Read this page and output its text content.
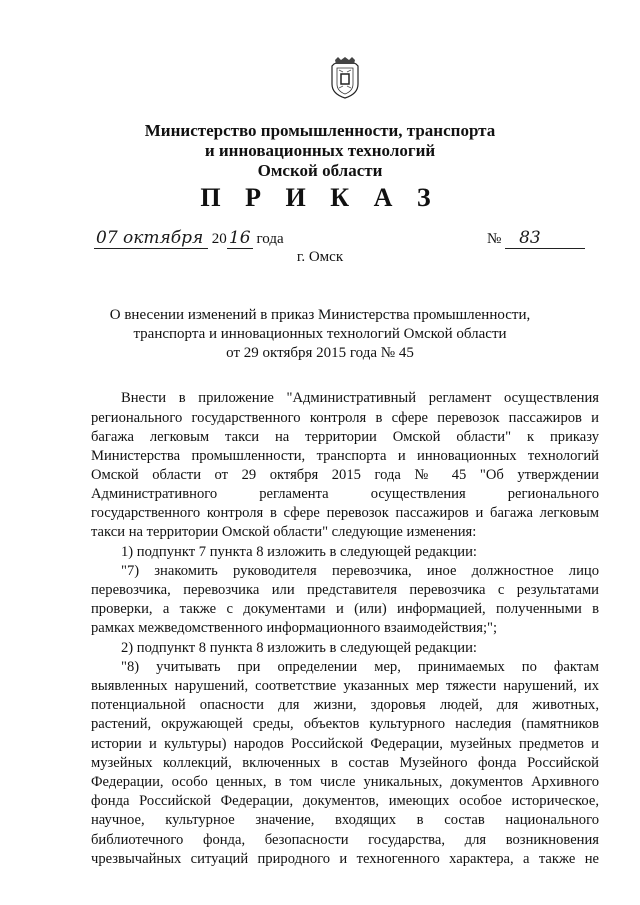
Министерство промышленности, транспорта
и инновационных технологий
Омской области
П Р И К А З
07 октября 20 16 года	№ 83
г. Омск
О внесении изменений в приказ Министерства промышленности,
транспорта и инновационных технологий Омской области
от 29 октября 2015 года № 45
Внести в приложение "Административный регламент осуществления
регионального государственного контроля в сфере перевозок пассажиров и
багажа легковым такси на территории Омской области" к приказу
Министерства промышленности, транспорта и инновационных технологий
Омской области от 29 октября 2015 года № 45 "Об утверждении
Административного регламента осуществления регионального
государственного контроля в сфере перевозок пассажиров и багажа легковым
такси на территории Омской области" следующие изменения:
1) подпункт 7 пункта 8 изложить в следующей редакции:
"7) знакомить руководителя перевозчика, иное должностное лицо
перевозчика, перевозчика или представителя перевозчика с результатами
проверки, а также с документами и (или) информацией, полученными в
рамках межведомственного информационного взаимодействия;";
2) подпункт 8 пункта 8 изложить в следующей редакции:
"8) учитывать при определении мер, принимаемых по фактам
выявленных нарушений, соответствие указанных мер тяжести нарушений, их
потенциальной опасности для жизни, здоровья людей, для животных,
растений, окружающей среды, объектов культурного наследия (памятников
истории и культуры) народов Российской Федерации, музейных предметов и
музейных коллекций, включенных в состав Музейного фонда Российской
Федерации, особо ценных, в том числе уникальных, документов Архивного
фонда Российской Федерации, документов, имеющих особое историческое,
научное, культурное значение, входящих в состав национального
библиотечного фонда, безопасности государства, для возникновения
чрезвычайных ситуаций природного и техногенного характера, а также не
